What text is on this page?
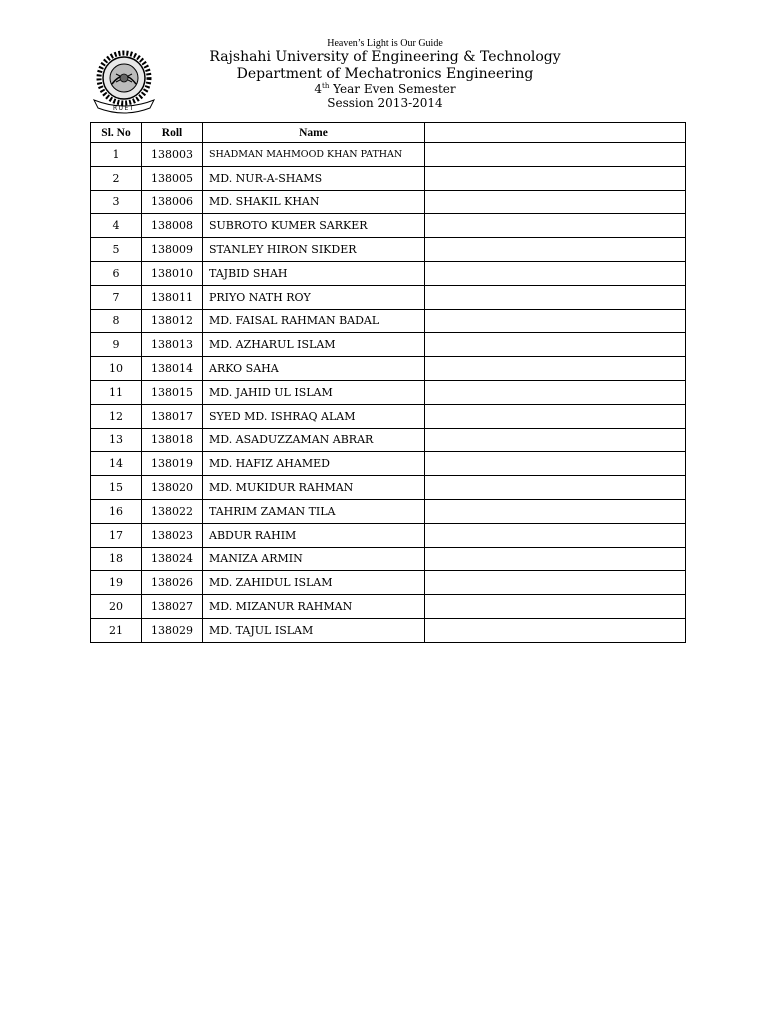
RUET
Heaven’s Light is Our Guide
Rajshahi University of Engineering & Technology
Department of Mechatronics Engineering
4th Year Even Semester
Session 2013-2014
Sl. No	Roll	Name	
1	138003	SHADMAN MAHMOOD KHAN PATHAN	
2	138005	MD. NUR-A-SHAMS	
3	138006	MD. SHAKIL KHAN	
4	138008	SUBROTO KUMER SARKER	
5	138009	STANLEY HIRON SIKDER	
6	138010	TAJBID SHAH	
7	138011	PRIYO NATH ROY	
8	138012	MD. FAISAL RAHMAN BADAL	
9	138013	MD. AZHARUL ISLAM	
10	138014	ARKO SAHA	
11	138015	MD. JAHID UL ISLAM	
12	138017	SYED MD. ISHRAQ ALAM	
13	138018	MD. ASADUZZAMAN ABRAR	
14	138019	MD. HAFIZ AHAMED	
15	138020	MD. MUKIDUR RAHMAN	
16	138022	TAHRIM ZAMAN TILA	
17	138023	ABDUR RAHIM	
18	138024	MANIZA ARMIN	
19	138026	MD. ZAHIDUL ISLAM	
20	138027	MD. MIZANUR RAHMAN	
21	138029	MD. TAJUL ISLAM	
